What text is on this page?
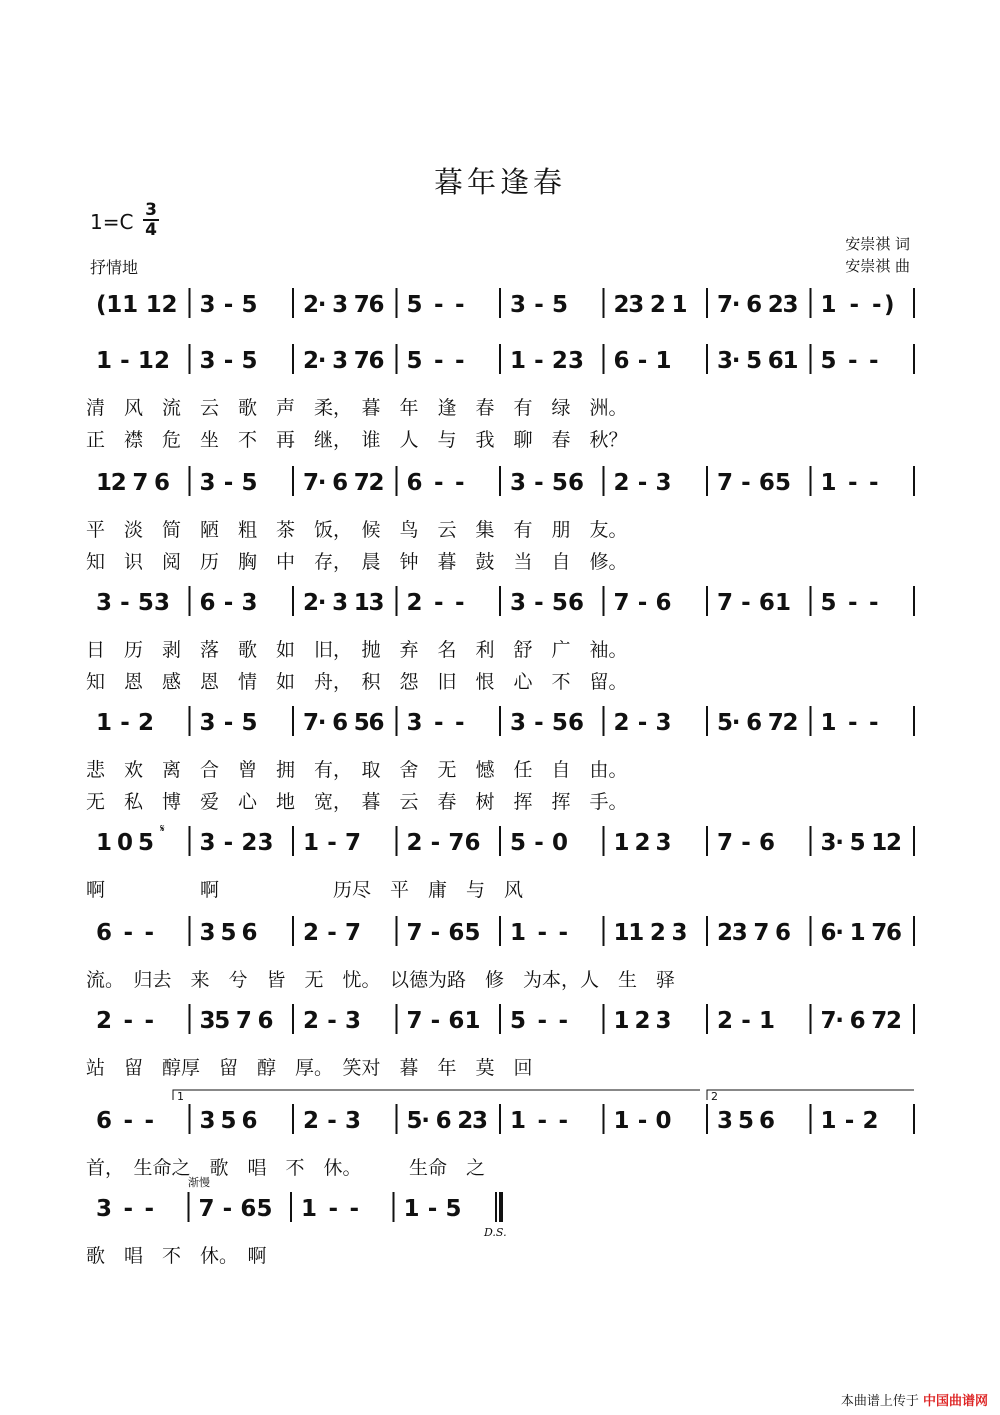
暮年逢春
1=C 3
4
抒情地
安崇祺 词
安崇祺 曲
(11 12 3 - 5 2· 3 76 5 - - 3 - 5 23 2 1 7· 6 23 1 - -)
1 - 12 3 - 5 2· 3 76 5 - - 1 - 23 6 - 1 3· 5 61 5 - -
清　风　流　云　歌　声　柔，　暮　年　逢　春　有　绿　洲。
正　襟　危　坐　不　再　继，　谁　人　与　我　聊　春　秋？
12 7 6 3 - 5 7· 6 72 6 - - 3 - 56 2 - 3 7 - 65 1 - -
平　淡　简　陋　粗　茶　饭，　候　鸟　云　集　有　朋　友。
知　识　阅　历　胸　中　存，　晨　钟　暮　鼓　当　自　修。
3 - 53 6 - 3 2· 3 13 2 - - 3 - 56 7 - 6 7 - 61 5 - -
日　历　剥　落　歌　如　旧，　抛　弃　名　利　舒　广　袖。
知　恩　感　恩　情　如　舟，　积　怨　旧　恨　心　不　留。
1 - 2 3 - 5 7· 6 56 3 - - 3 - 56 2 - 3 5· 6 72 1 - -
悲　欢　离　合　曾　拥　有，　取　舍　无　憾　任　自　由。
无　私　博　爱　心　地　宽，　暮　云　春　树　挥　挥　手。
1 0 5 3 - 23 1 - 7 2 - 76 5 - 0 1 2 3 7 - 6 3· 5 12
啊　　　　　啊　　　　　　历尽　平　庸　与　风
6 - - 3 5 6 2 - 7 7 - 65 1 - - 11 2 3 23 7 6 6· 1 76
流。　归去　来　兮　皆　无　忧。　以德为路　修　为本，人　生　驿
2 - - 35 7 6 2 - 3 7 - 61 5 - - 1 2 3 2 - 1 7· 6 72
站　留　醇厚　留　醇　厚。　笑对　暮　年　莫　回
6 - - 3 5 6 2 - 3 5· 6 23 1 - - 1 - 0 3 5 6 1 - 2
首，　生命之　歌　唱　不　休。　　　生命　之
3 - - 7 - 65 1 - - 1 - 5
歌　唱　不　休。　啊
1	2
渐慢
D.S.
𝄋
本曲谱上传于 中国曲谱网
